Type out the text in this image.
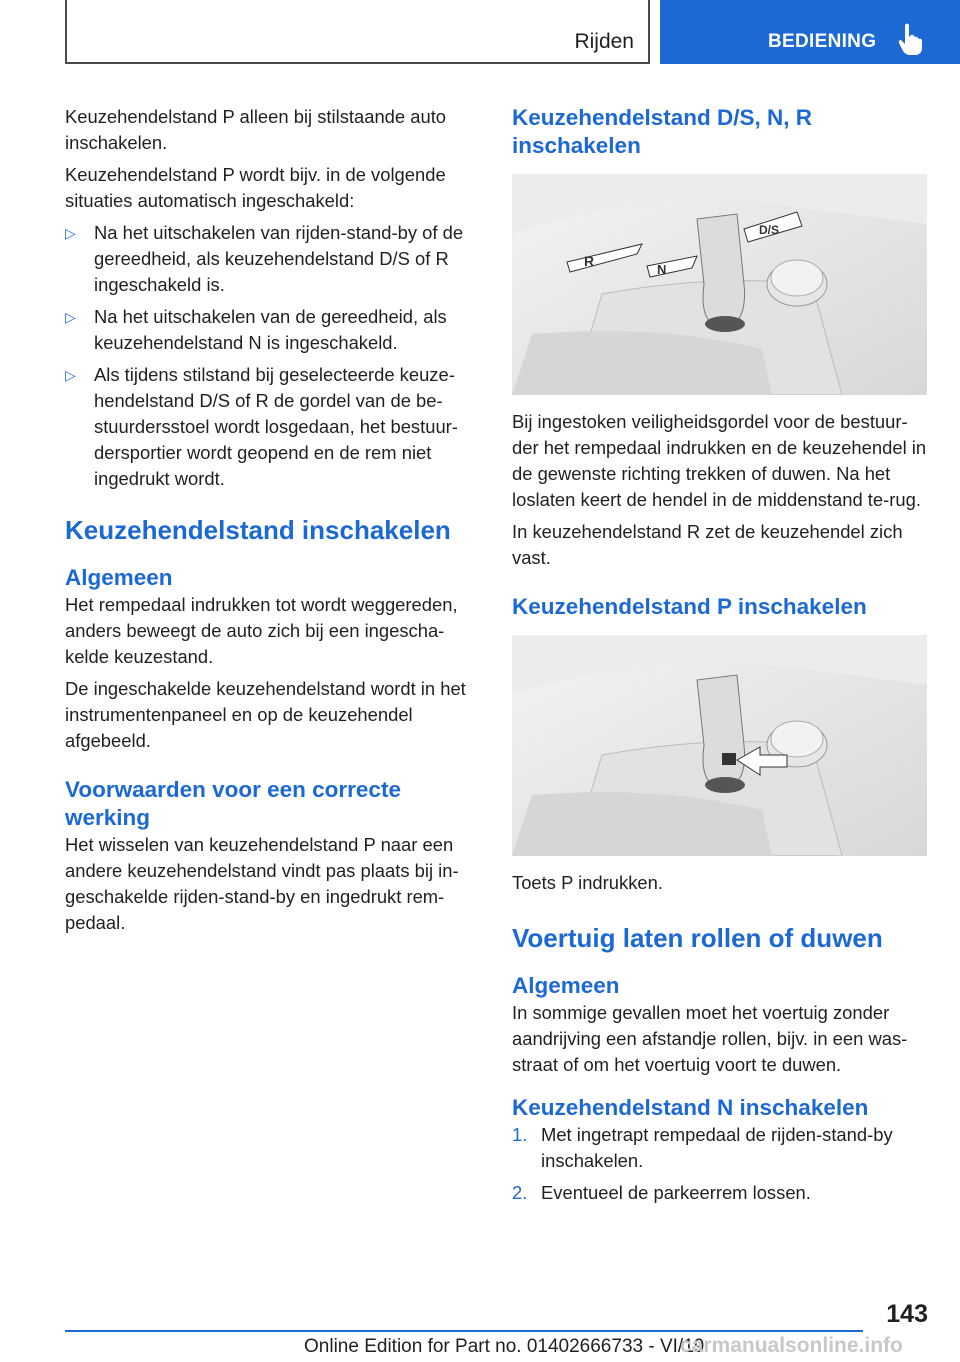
Rijden	BEDIENING

Keuzehendelstand P alleen bij stilstaande auto inschakelen.

Keuzehendelstand P wordt bijv. in de volgende situaties automatisch ingeschakeld:

▷ Na het uitschakelen van rijden-stand-by of de gereedheid, als keuzehendelstand D/S of R ingeschakeld is.
▷ Na het uitschakelen van de gereedheid, als keuzehendelstand N is ingeschakeld.
▷ Als tijdens stilstand bij geselecteerde keuze-hendelstand D/S of R de gordel van de be-stuurdersstoel wordt losgedaan, het bestuur-dersportier wordt geopend en de rem niet ingedrukt wordt.
Keuzehendelstand inschakelen
Algemeen

Het rempedaal indrukken tot wordt weggereden, anders beweegt de auto zich bij een ingescha-kelde keuzestand.

De ingeschakelde keuzehendelstand wordt in het instrumentenpaneel en op de keuzehendel afgebeeld.

Voorwaarden voor een correcte werking

Het wisselen van keuzehendelstand P naar een andere keuzehendelstand vindt pas plaats bij in-geschakelde rijden-stand-by en ingedrukt rem-pedaal.

Keuzehendelstand D/S, N, R inschakelen
R
N
D/S

Bij ingestoken veiligheidsgordel voor de bestuur-der het rempedaal indrukken en de keuzehendel in de gewenste richting trekken of duwen. Na het loslaten keert de hendel in de middenstand te-rug.

In keuzehendelstand R zet de keuzehendel zich vast.

Keuzehendelstand P inschakelen

Toets P indrukken.

Voertuig laten rollen of duwen
Algemeen

In sommige gevallen moet het voertuig zonder aandrijving een afstandje rollen, bijv. in een was-straat of om het voertuig voort te duwen.

Keuzehendelstand N inschakelen
1. Met ingetrapt rempedaal de rijden-stand-by inschakelen.
2. Eventueel de parkeerrem lossen.
143
Online Edition for Part no. 01402666733 - VI/19
carmanualsonline.info
